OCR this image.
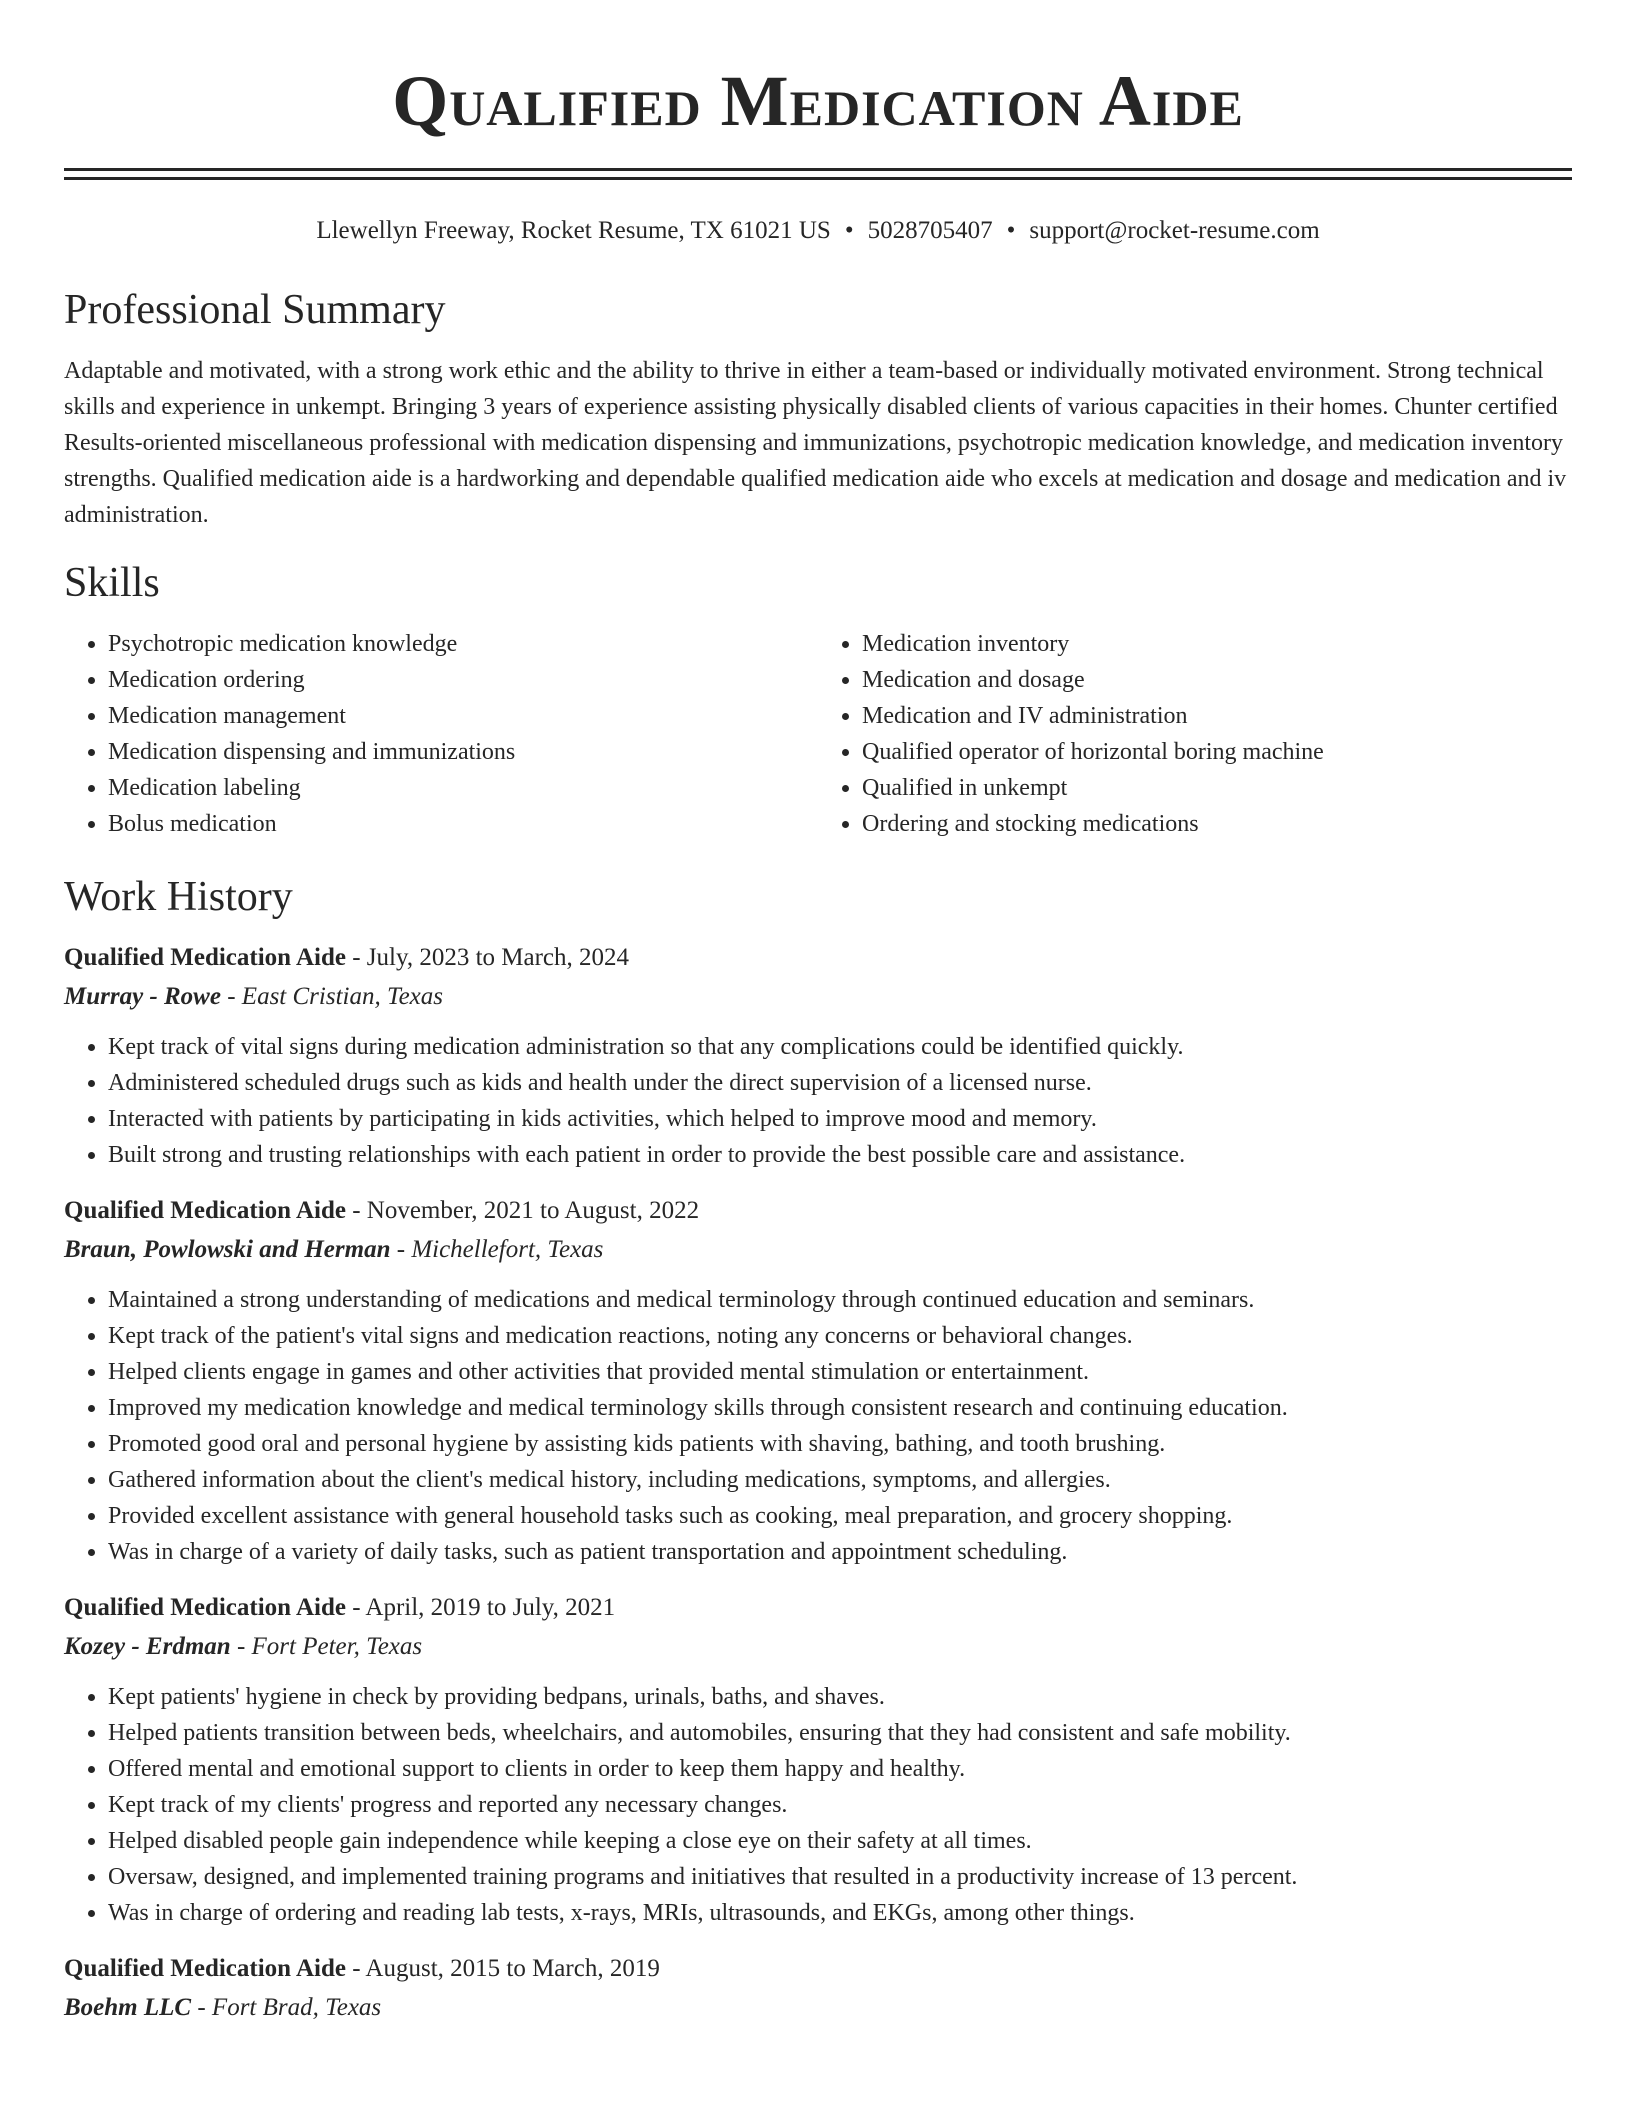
Qualified Medication Aide
Llewellyn Freeway, Rocket Resume, TX 61021 US • 5028705407 • support@rocket-resume.com
Professional Summary
Adaptable and motivated, with a strong work ethic and the ability to thrive in either a team-based or individually motivated environment. Strong technical skills and experience in unkempt. Bringing 3 years of experience assisting physically disabled clients of various capacities in their homes. Chunter certified Results-oriented miscellaneous professional with medication dispensing and immunizations, psychotropic medication knowledge, and medication inventory strengths. Qualified medication aide is a hardworking and dependable qualified medication aide who excels at medication and dosage and medication and iv administration.
Skills
• Psychotropic medication knowledge
• Medication ordering
• Medication management
• Medication dispensing and immunizations
• Medication labeling
• Bolus medication
• Medication inventory
• Medication and dosage
• Medication and IV administration
• Qualified operator of horizontal boring machine
• Qualified in unkempt
• Ordering and stocking medications
Work History
Qualified Medication Aide - July, 2023 to March, 2024
Murray - Rowe - East Cristian, Texas
• Kept track of vital signs during medication administration so that any complications could be identified quickly.
• Administered scheduled drugs such as kids and health under the direct supervision of a licensed nurse.
• Interacted with patients by participating in kids activities, which helped to improve mood and memory.
• Built strong and trusting relationships with each patient in order to provide the best possible care and assistance.
Qualified Medication Aide - November, 2021 to August, 2022
Braun, Powlowski and Herman - Michellefort, Texas
• Maintained a strong understanding of medications and medical terminology through continued education and seminars.
• Kept track of the patient's vital signs and medication reactions, noting any concerns or behavioral changes.
• Helped clients engage in games and other activities that provided mental stimulation or entertainment.
• Improved my medication knowledge and medical terminology skills through consistent research and continuing education.
• Promoted good oral and personal hygiene by assisting kids patients with shaving, bathing, and tooth brushing.
• Gathered information about the client's medical history, including medications, symptoms, and allergies.
• Provided excellent assistance with general household tasks such as cooking, meal preparation, and grocery shopping.
• Was in charge of a variety of daily tasks, such as patient transportation and appointment scheduling.
Qualified Medication Aide - April, 2019 to July, 2021
Kozey - Erdman - Fort Peter, Texas
• Kept patients' hygiene in check by providing bedpans, urinals, baths, and shaves.
• Helped patients transition between beds, wheelchairs, and automobiles, ensuring that they had consistent and safe mobility.
• Offered mental and emotional support to clients in order to keep them happy and healthy.
• Kept track of my clients' progress and reported any necessary changes.
• Helped disabled people gain independence while keeping a close eye on their safety at all times.
• Oversaw, designed, and implemented training programs and initiatives that resulted in a productivity increase of 13 percent.
• Was in charge of ordering and reading lab tests, x-rays, MRIs, ultrasounds, and EKGs, among other things.
Qualified Medication Aide - August, 2015 to March, 2019
Boehm LLC - Fort Brad, Texas
